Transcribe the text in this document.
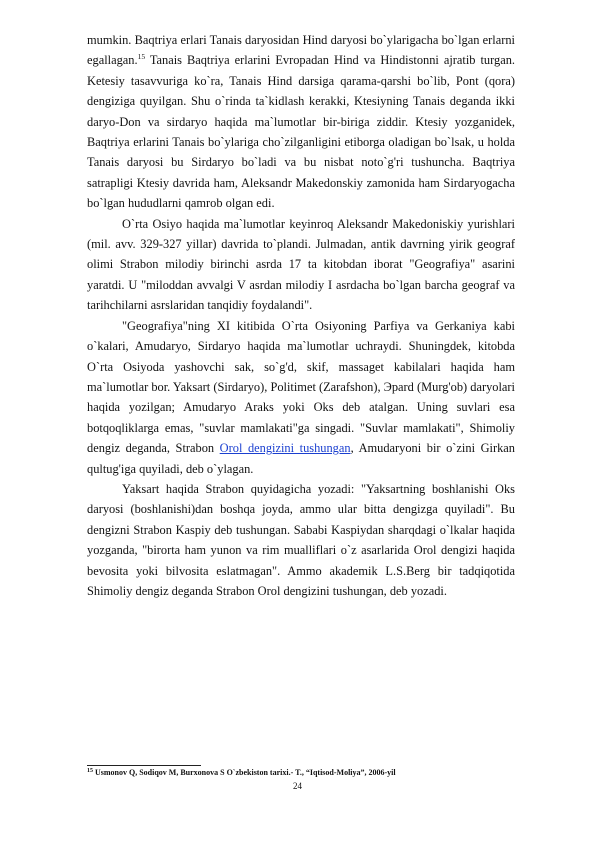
mumkin. Baqtriya erlari Tanais daryosidan Hind daryosi bo`ylarigacha bo`lgan erlarni egallagan.$^{15}$ Tanais Baqtriya erlarini Evropadan Hind va Hindistonni ajratib turgan. Ketesiy tasavvuriga ko`ra, Tanais Hind darsiga qarama-qarshi bo`lib, Pont (qora) dengiziga quyilgan. Shu o`rinda ta`kidlash kerakki, Ktesiyning Tanais deganda ikki daryo-Don va sirdaryo haqida ma`lumotlar bir-biriga ziddir. Ktesiy yozganidek, Baqtriya erlarini Tanais bo`ylariga cho`zilganligini etiborga oladigan bo`lsak, u holda Tanais daryosi bu Sirdaryo bo`ladi va bu nisbat noto`g'ri tushuncha. Baqtriya satrapligi Ktesiy davrida ham, Aleksandr Makedonskiy zamonida ham Sirdaryogacha bo`lgan hududlarni qamrob olgan edi.

O`rta Osiyo haqida ma`lumotlar keyinroq Aleksandr Makedoniskiy yurishlari (mil. avv. 329-327 yillar) davrida to`plandi. Julmadan, antik davrning yirik geograf olimi Strabon milodiy birinchi asrda 17 ta kitobdan iborat "Geografiya" asarini yaratdi. U "miloddan avvalgi V asrdan milodiy I asrdacha bo`lgan barcha geograf va tarihchilarni asrslaridan tanqidiy foydalandi".

"Geografiya"ning XI kitibida O`rta Osiyoning Parfiya va Gerkaniya kabi o`kalari, Amudaryo, Sirdaryo haqida ma`lumotlar uchraydi. Shuningdek, kitobda O`rta Osiyoda yashovchi sak, so`g'd, skif, massaget kabilalari haqida ham ma`lumotlar bor. Yaksart (Sirdaryo), Politimet (Zarafshon), Эpard (Murg'ob) daryolari haqida yozilgan; Amudaryo Araks yoki Oks deb atalgan. Uning suvlari esa botqoqliklarga emas, "suvlar mamlakati"ga singadi. "Suvlar mamlakati", Shimoliy dengiz deganda, Strabon Orol dengizini tushungan, Amudaryoni bir o`zini Girkan qultug'iga quyiladi, deb o`ylagan.

Yaksart haqida Strabon quyidagicha yozadi: "Yaksartning boshlanishi Oks daryosi (boshlanishi)dan boshqa joyda, ammo ular bitta dengizga quyiladi". Bu dengizni Strabon Kaspiy deb tushungan. Sababi Kaspiydan sharqdagi o`lkalar haqida yozganda, "birorta ham yunon va rim mualliflari o`z asarlarida Orol dengizi haqida bevosita yoki bilvosita eslatmagan". Ammo akademik L.S.Berg bir tadqiqotida Shimoliy dengiz deganda Strabon Orol dengizini tushungan, deb yozadi.

$^{15}$ Usmonov Q, Sodiqov M, Burxonova S O`zbekiston tarixi.- T., “Iqtisod-Moliya”, 2006-yil
24
